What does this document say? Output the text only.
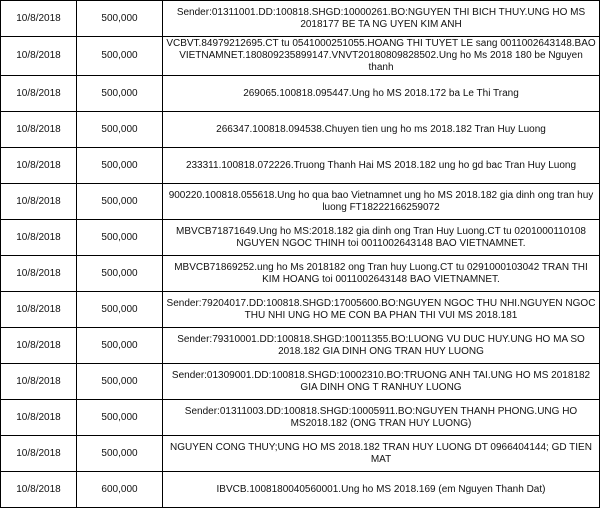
10/8/2018	500,000	Sender:01311001.DD:100818.SHGD:10000261.BO:NGUYEN THI BICH THUY.UNG HO MS 2018177 BE TA NG UYEN KIM ANH
10/8/2018	500,000	VCBVT.84979212695.CT tu 0541000251055.HOANG THI TUYET LE sang 0011002643148.BAO VIETNAMNET.180809235899147.VNVT20180809828502.Ung ho Ms 2018 180 be Nguyen thanh
10/8/2018	500,000	269065.100818.095447.Ung ho MS 2018.172 ba Le Thi Trang
10/8/2018	500,000	266347.100818.094538.Chuyen tien ung ho ms 2018.182 Tran Huy Luong
10/8/2018	500,000	233311.100818.072226.Truong Thanh Hai MS 2018.182 ung ho gd bac Tran Huy Luong
10/8/2018	500,000	900220.100818.055618.Ung ho qua bao Vietnamnet ung ho MS 2018.182 gia dinh ong tran huy luong FT18222166259072
10/8/2018	500,000	MBVCB71871649.Ung ho MS:2018.182 gia dinh ong Tran Huy Luong.CT tu 0201000110108 NGUYEN NGOC THINH toi 0011002643148 BAO VIETNAMNET.
10/8/2018	500,000	MBVCB71869252.ung ho Ms 2018182 ong Tran huy Luong.CT tu 0291000103042 TRAN THI KIM HOANG toi 0011002643148 BAO VIETNAMNET.
10/8/2018	500,000	Sender:79204017.DD:100818.SHGD:17005600.BO:NGUYEN NGOC THU NHI.NGUYEN NGOC THU NHI UNG HO ME CON BA PHAN THI VUI MS 2018.181
10/8/2018	500,000	Sender:79310001.DD:100818.SHGD:10011355.BO:LUONG VU DUC HUY.UNG HO MA SO 2018.182 GIA DINH ONG TRAN HUY LUONG
10/8/2018	500,000	Sender:01309001.DD:100818.SHGD:10002310.BO:TRUONG ANH TAI.UNG HO MS 2018182 GIA DINH ONG T RANHUY LUONG
10/8/2018	500,000	Sender:01311003.DD:100818.SHGD:10005911.BO:NGUYEN THANH PHONG.UNG HO MS2018.182 (ONG TRAN HUY LUONG)
10/8/2018	500,000	NGUYEN CONG THUY;UNG HO MS 2018.182 TRAN HUY LUONG DT 0966404144; GD TIEN MAT
10/8/2018	600,000	IBVCB.1008180040560001.Ung ho MS 2018.169 (em Nguyen Thanh Dat)
